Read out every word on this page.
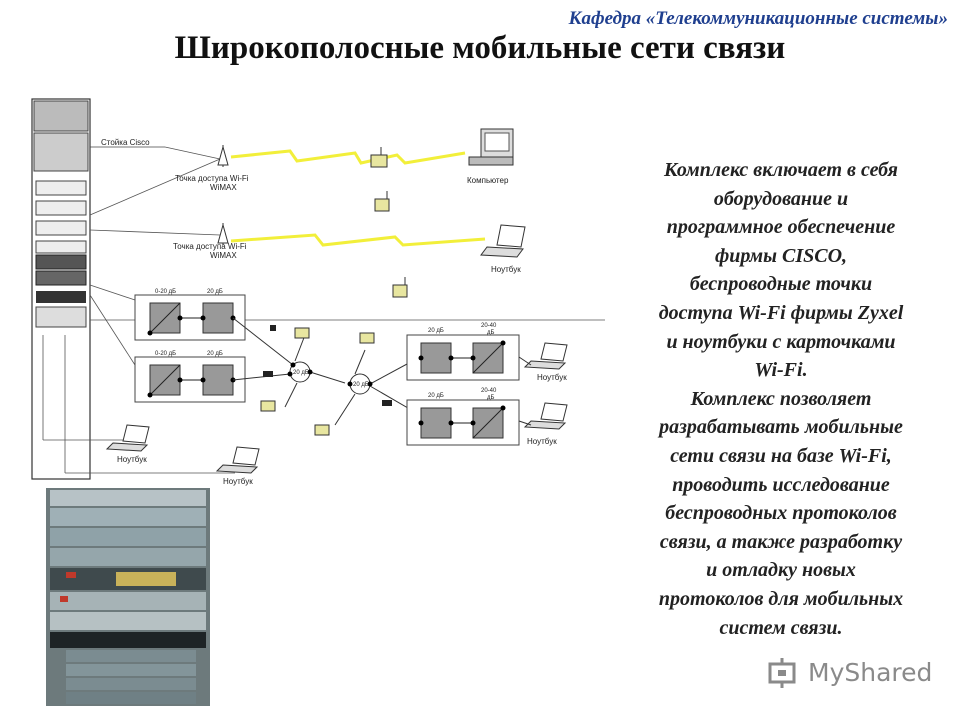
Кафедра «Телекоммуникационные системы»
Широкополосные мобильные сети связи
Стойка Cisco
Точка доступа Wi-Fi
WiMAX
Точка доступа Wi-Fi
WiMAX
Компьютер
Ноутбук
0-20 дБ	20 дБ
0-20 дБ	20 дБ
20 дБ
20 дБ
20 дБ
20-40
дБ
20 дБ
20-40
дБ
Ноутбук
Ноутбук
Ноутбук
Ноутбук

Комплекс включает в себя
оборудование и
программное обеспечение
фирмы CISCO,
беспроводные точки
доступа Wi-Fi фирмы Zyxel
и ноутбуки с карточками
Wi-Fi.

Комплекс позволяет
разрабатывать мобильные
сети связи на базе Wi-Fi,
проводить исследование
беспроводных протоколов
связи, а также разработку
и отладку новых
протоколов для мобильных
систем связи.

MyShared
